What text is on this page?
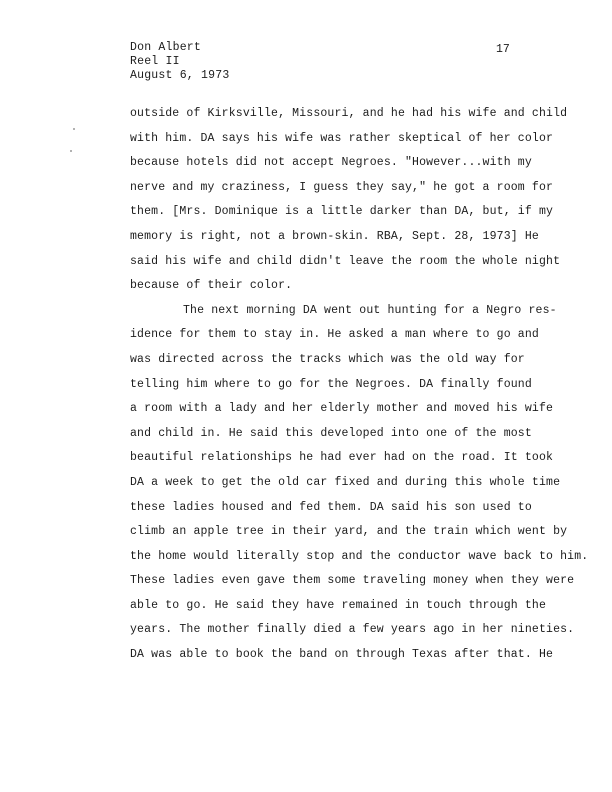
Don Albert
Reel II
August 6, 1973
17
outside of Kirksville, Missouri, and he had his wife and child
with him. DA says his wife was rather skeptical of her color
because hotels did not accept Negroes. "However...with my
nerve and my craziness, I guess they say," he got a room for
them. [Mrs. Dominique is a little darker than DA, but, if my
memory is right, not a brown-skin. RBA, Sept. 28, 1973] He
said his wife and child didn't leave the room the whole night
because of their color.
The next morning DA went out hunting for a Negro res-
idence for them to stay in. He asked a man where to go and
was directed across the tracks which was the old way for
telling him where to go for the Negroes. DA finally found
a room with a lady and her elderly mother and moved his wife
and child in. He said this developed into one of the most
beautiful relationships he had ever had on the road. It took
DA a week to get the old car fixed and during this whole time
these ladies housed and fed them. DA said his son used to
climb an apple tree in their yard, and the train which went by
the home would literally stop and the conductor wave back to him.
These ladies even gave them some traveling money when they were
able to go. He said they have remained in touch through the
years. The mother finally died a few years ago in her nineties.
DA was able to book the band on through Texas after that. He
